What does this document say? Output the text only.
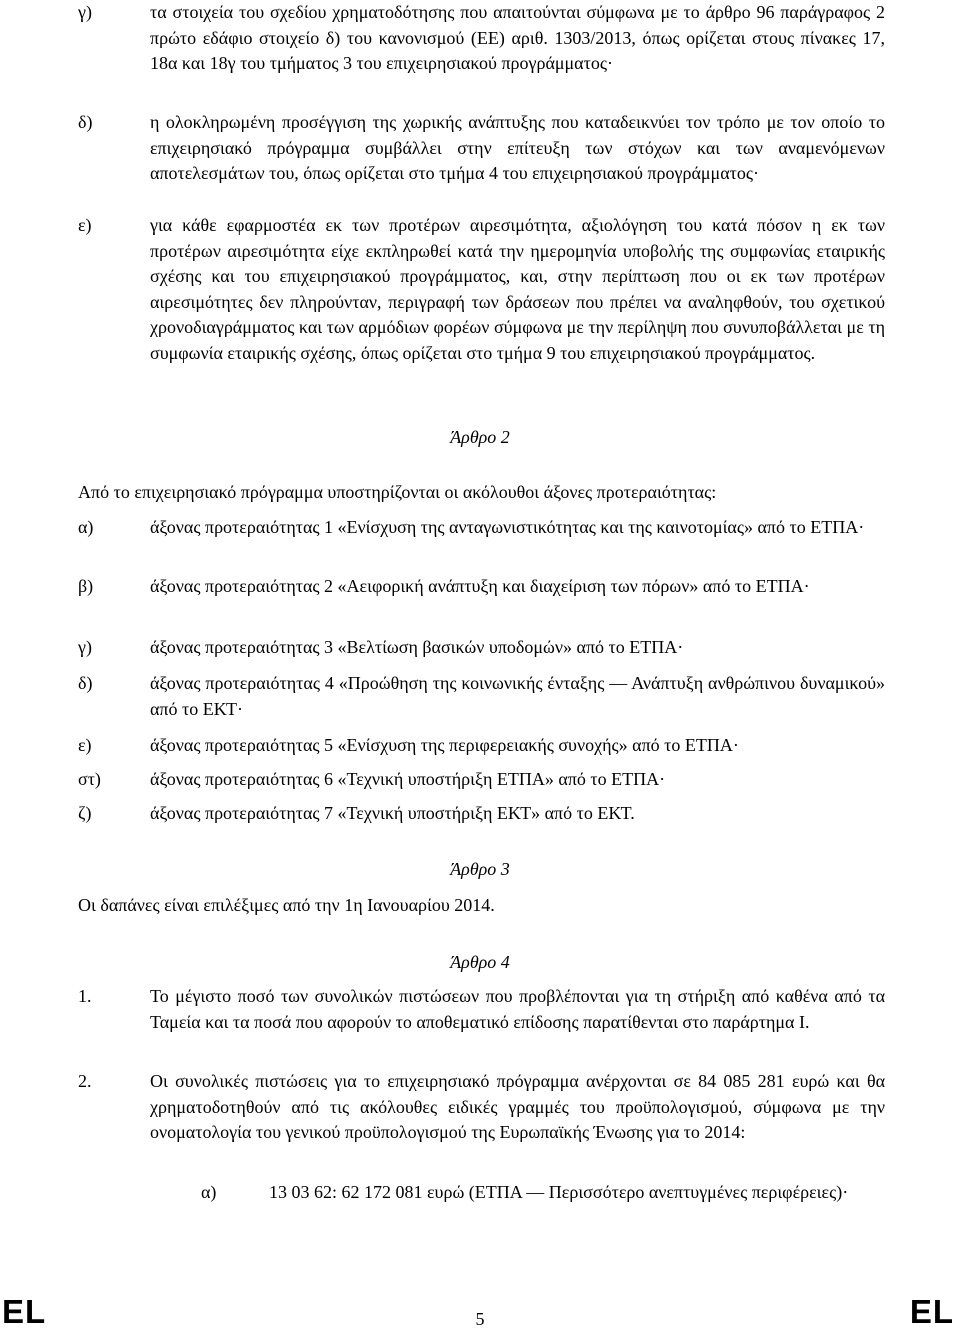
γ)	τα στοιχεία του σχεδίου χρηματοδότησης που απαιτούνται σύμφωνα με το άρθρο 96 παράγραφος 2 πρώτο εδάφιο στοιχείο δ) του κανονισμού (ΕΕ) αριθ. 1303/2013, όπως ορίζεται στους πίνακες 17, 18α και 18γ του τμήματος 3 του επιχειρησιακού προγράμματος·
δ)	η ολοκληρωμένη προσέγγιση της χωρικής ανάπτυξης που καταδεικνύει τον τρόπο με τον οποίο το επιχειρησιακό πρόγραμμα συμβάλλει στην επίτευξη των στόχων και των αναμενόμενων αποτελεσμάτων του, όπως ορίζεται στο τμήμα 4 του επιχειρησιακού προγράμματος·
ε)	για κάθε εφαρμοστέα εκ των προτέρων αιρεσιμότητα, αξιολόγηση του κατά πόσον η εκ των προτέρων αιρεσιμότητα είχε εκπληρωθεί κατά την ημερομηνία υποβολής της συμφωνίας εταιρικής σχέσης και του επιχειρησιακού προγράμματος, και, στην περίπτωση που οι εκ των προτέρων αιρεσιμότητες δεν πληρούνταν, περιγραφή των δράσεων που πρέπει να αναληφθούν, του σχετικού χρονοδιαγράμματος και των αρμόδιων φορέων σύμφωνα με την περίληψη που συνυποβάλλεται με τη συμφωνία εταιρικής σχέσης, όπως ορίζεται στο τμήμα 9 του επιχειρησιακού προγράμματος.
Άρθρο 2
Από το επιχειρησιακό πρόγραμμα υποστηρίζονται οι ακόλουθοι άξονες προτεραιότητας:
α)	άξονας προτεραιότητας 1 «Ενίσχυση της ανταγωνιστικότητας και της καινοτομίας» από το ΕΤΠΑ·
β)	άξονας προτεραιότητας 2 «Αειφορική ανάπτυξη και διαχείριση των πόρων» από το ΕΤΠΑ·
γ)	άξονας προτεραιότητας 3 «Βελτίωση βασικών υποδομών» από το ΕΤΠΑ·
δ)	άξονας προτεραιότητας 4 «Προώθηση της κοινωνικής ένταξης — Ανάπτυξη ανθρώπινου δυναμικού» από το ΕΚΤ·
ε)	άξονας προτεραιότητας 5 «Ενίσχυση της περιφερειακής συνοχής» από το ΕΤΠΑ·
στ)	άξονας προτεραιότητας 6 «Τεχνική υποστήριξη ΕΤΠΑ» από το ΕΤΠΑ·
ζ)	άξονας προτεραιότητας 7 «Τεχνική υποστήριξη ΕΚΤ» από το ΕΚΤ.
Άρθρο 3
Οι δαπάνες είναι επιλέξιμες από την 1η Ιανουαρίου 2014.
Άρθρο 4
1.	Το μέγιστο ποσό των συνολικών πιστώσεων που προβλέπονται για τη στήριξη από καθένα από τα Ταμεία και τα ποσά που αφορούν το αποθεματικό επίδοσης παρατίθενται στο παράρτημα I.
2.	Οι συνολικές πιστώσεις για το επιχειρησιακό πρόγραμμα ανέρχονται σε 84 085 281 ευρώ και θα χρηματοδοτηθούν από τις ακόλουθες ειδικές γραμμές του προϋπολογισμού, σύμφωνα με την ονοματολογία του γενικού προϋπολογισμού της Ευρωπαϊκής Ένωσης για το 2014:
α)	13 03 62: 62 172 081 ευρώ (ΕΤΠΑ — Περισσότερο ανεπτυγμένες περιφέρειες)·
EL	5	EL
